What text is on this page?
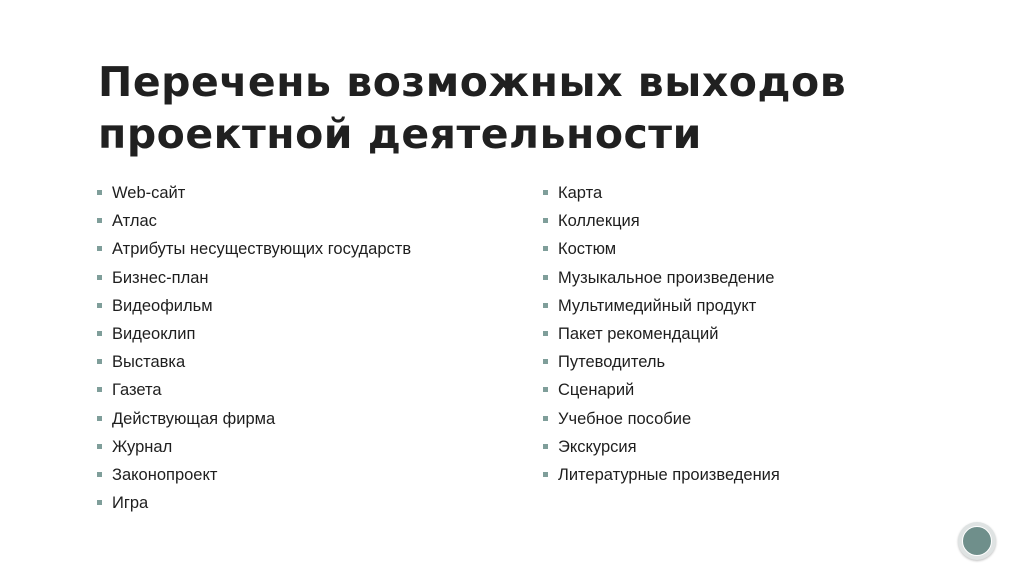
Перечень возможных выходов
проектной деятельности
Web-сайт
Атлас
Атрибуты несуществующих государств
Бизнес-план
Видеофильм
Видеоклип
Выставка
Газета
Действующая фирма
Журнал
Законопроект
Игра
Карта
Коллекция
Костюм
Музыкальное произведение
Мультимедийный продукт
Пакет рекомендаций
Путеводитель
Сценарий
Учебное пособие
Экскурсия
Литературные произведения
